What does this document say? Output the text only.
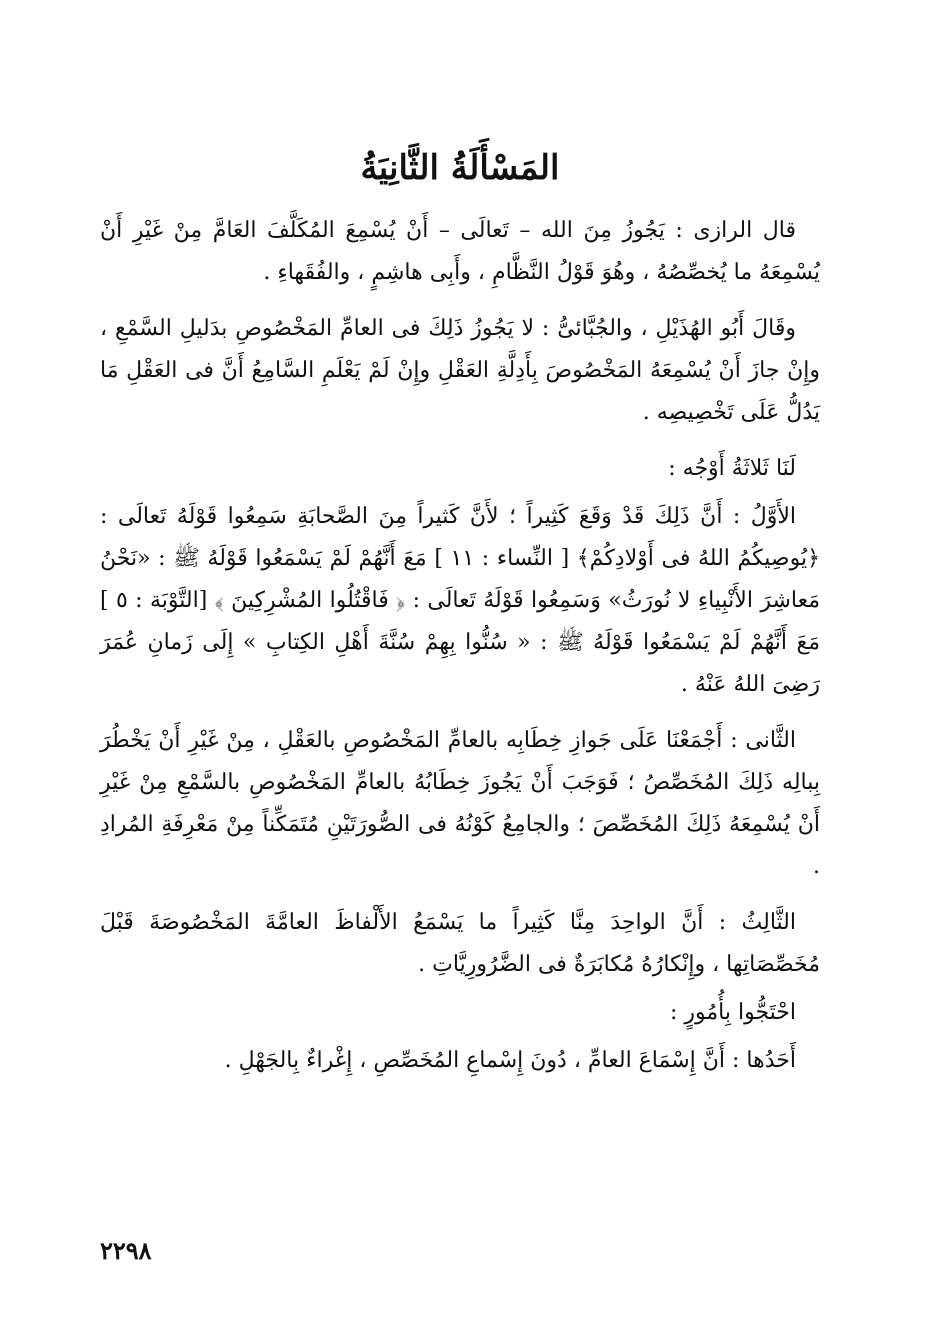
المَسْأَلَةُ الثَّانِيَةُ

قال الرازى : يَجُوزُ مِنَ الله – تَعالَى – أَنْ يُسْمِعَ المُكَلَّفَ العَامَّ مِنْ غَيْرِ أَنْ يُسْمِعَهُ ما يُخصِّصُهُ ، وهُوَ قَوْلُ النَّظَّامِ ، وأَبِى هاشِمٍ ، والفُقَهاءِ .

وقَالَ أَبُو الهُذَيْلِ ، والجُبَّائىُّ : لا يَجُوزُ ذَلِكَ فى العامِّ المَخْصُوصِ بدَليلِ السَّمْعِ ، وإِنْ جازَ أَنْ يُسْمِعَهُ المَخْصُوصَ بِأَدِلَّةِ العَقْلِ وإِنْ لَمْ يَعْلَمِ السَّامِعُ أَنَّ فى العَقْلِ مَا يَدُلُّ عَلَى تَخْصِيصِه .

لَنَا ثَلاثَةُ أَوْجُه :

الأَوَّلُ : أَنَّ ذَلِكَ قَدْ وَقَعَ كَثِيراً ؛ لأَنَّ كَثيراً مِنَ الصَّحابَةِ سَمِعُوا قَوْلَهُ تَعالَى : ﴿يُوصِيكُمُ اللهُ فى أَوْلادِكُمْ﴾ [ النِّساء : ١١ ] مَعَ أَنَّهُمْ لَمْ يَسْمَعُوا قَوْلَهُ ﷺ : «نَحْنُ مَعاشِرَ الأَنْبِياءِ لا نُورَثُ» وَسَمِعُوا قَوْلَهُ تَعالَى : ﴿ فَاقْتُلُوا المُشْرِكِينَ ﴾ [التَّوْبَة : ٥ ] مَعَ أَنَّهُمْ لَمْ يَسْمَعُوا قَوْلَهُ ﷺ : « سُنُّوا بِهِمْ سُنَّةَ أَهْلِ الكِتابِ » إِلَى زَمانِ عُمَرَ رَضِىَ اللهُ عَنْهُ .

الثَّانى : أَجْمَعْنَا عَلَى جَوازِ خِطَابِه بالعامِّ المَخْصُوصِ بالعَقْلِ ، مِنْ غَيْرِ أَنْ يَخْطُرَ بِبالِه ذَلِكَ المُخَصِّصُ ؛ فَوَجَبَ أَنْ يَجُوزَ خِطَابُهُ بالعامِّ المَخْصُوصِ بالسَّمْعِ مِنْ غَيْرِ أَنْ يُسْمِعَهُ ذَلِكَ المُخَصِّصَ ؛ والجامِعُ كَوْنُهُ فى الصُّورَتَيْنِ مُتَمَكِّناً مِنْ مَعْرِفَةِ المُرادِ .

الثَّالِثُ : أَنَّ الواحِدَ مِنَّا كَثِيراً ما يَسْمَعُ الأَلْفاظَ العامَّةَ المَخْصُوصَةَ قَبْلَ مُخَصِّصَاتِها ، وإِنْكارُهُ مُكابَرَةٌ فى الضَّرُورِيَّاتِ .

احْتَجُّوا بِأُمُورٍ :

أَحَدُها : أَنَّ إِسْمَاعَ العامِّ ، دُونَ إِسْماعِ المُخَصِّصِ ، إِغْراءٌ بِالجَهْلِ .

٢٢٩٨
